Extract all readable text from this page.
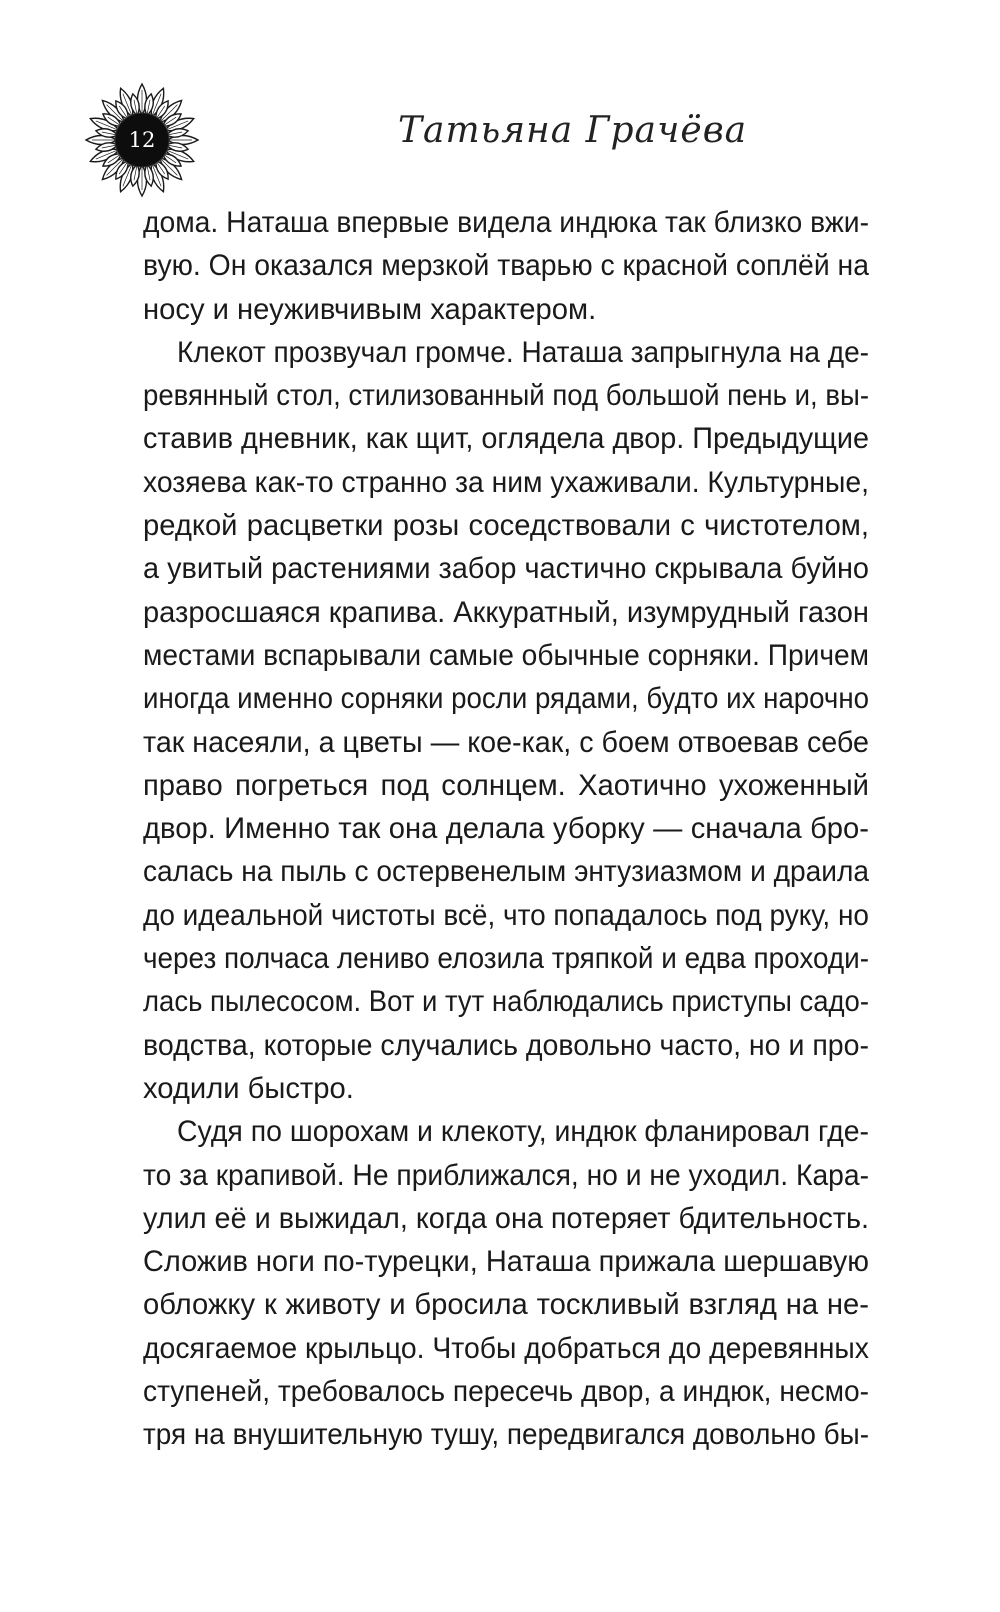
12	Татьяна Грачёва
дома. Наташа впервые видела индюка так близко вжи-
вую. Он оказался мерзкой тварью с красной соплёй на
носу и неуживчивым характером.
Клекот прозвучал громче. Наташа запрыгнула на де-
ревянный стол, стилизованный под большой пень и, вы-
ставив дневник, как щит, оглядела двор. Предыдущие
хозяева как-то странно за ним ухаживали. Культурные,
редкой расцветки розы соседствовали с чистотелом,
а увитый растениями забор частично скрывала буйно
разросшаяся крапива. Аккуратный, изумрудный газон
местами вспарывали самые обычные сорняки. Причем
иногда именно сорняки росли рядами, будто их нарочно
так насеяли, а цветы — кое-как, с боем отвоевав себе
право погреться под солнцем. Хаотично ухоженный
двор. Именно так она делала уборку — сначала бро-
салась на пыль с остервенелым энтузиазмом и драила
до идеальной чистоты всё, что попадалось под руку, но
через полчаса лениво елозила тряпкой и едва проходи-
лась пылесосом. Вот и тут наблюдались приступы садо-
водства, которые случались довольно часто, но и про-
ходили быстро.
Судя по шорохам и клекоту, индюк фланировал где-
то за крапивой. Не приближался, но и не уходил. Кара-
улил её и выжидал, когда она потеряет бдительность.
Сложив ноги по-турецки, Наташа прижала шершавую
обложку к животу и бросила тоскливый взгляд на не-
досягаемое крыльцо. Чтобы добраться до деревянных
ступеней, требовалось пересечь двор, а индюк, несмо-
тря на внушительную тушу, передвигался довольно бы-
